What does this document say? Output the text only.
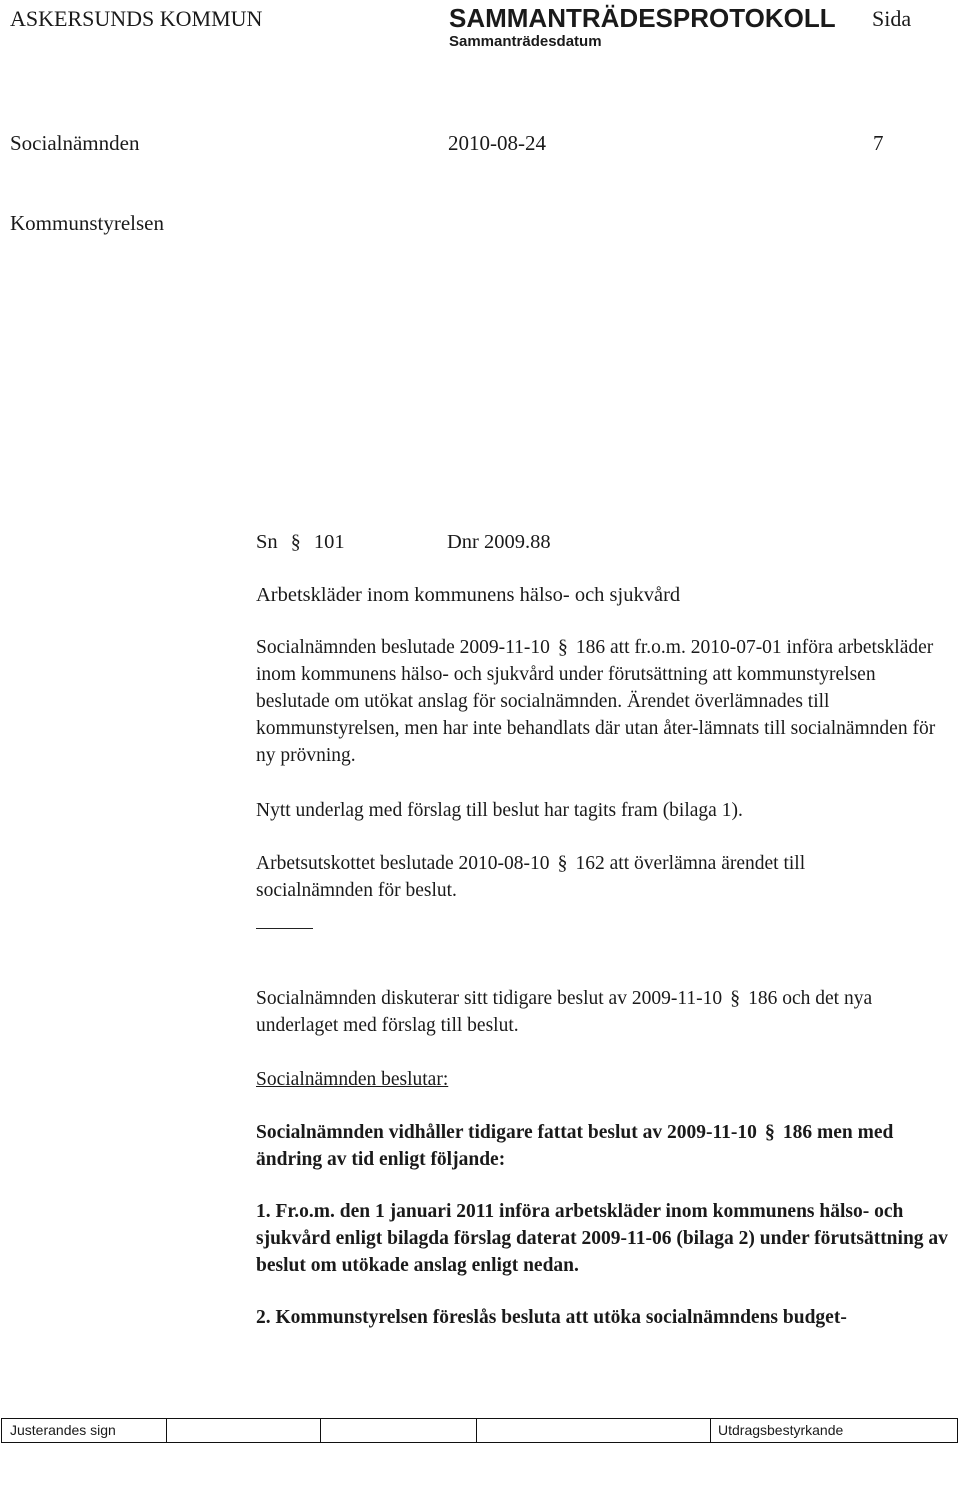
ASKERSUNDS KOMMUN	SAMMANTRÄDESPROTOKOLL Sida
Sammanträdesdatum
Socialnämnden	2010-08-24	7
Kommunstyrelsen
Sn § 101	Dnr 2009.88
Arbetskläder inom kommunens hälso- och sjukvård

Socialnämnden beslutade 2009-11-10 § 186 att fr.o.m. 2010-07-01 införa arbetskläder inom kommunens hälso- och sjukvård under förutsättning att kommunstyrelsen beslutade om utökat anslag för socialnämnden. Ärendet överlämnades till kommunstyrelsen, men har inte behandlats där utan åter-lämnats till socialnämnden för ny prövning.

Nytt underlag med förslag till beslut har tagits fram (bilaga 1).

Arbetsutskottet beslutade 2010-08-10 § 162 att överlämna ärendet till socialnämnden för beslut.

Socialnämnden diskuterar sitt tidigare beslut av 2009-11-10 § 186 och det nya underlaget med förslag till beslut.

Socialnämnden beslutar:

Socialnämnden vidhåller tidigare fattat beslut av 2009-11-10 § 186 men med ändring av tid enligt följande:

1. Fr.o.m. den 1 januari 2011 införa arbetskläder inom kommunens hälso- och sjukvård enligt bilagda förslag daterat 2009-11-06 (bilaga 2) under förutsättning av beslut om utökade anslag enligt nedan.

2. Kommunstyrelsen föreslås besluta att utöka socialnämndens budget-

Justerandes sign	Utdragsbestyrkande
